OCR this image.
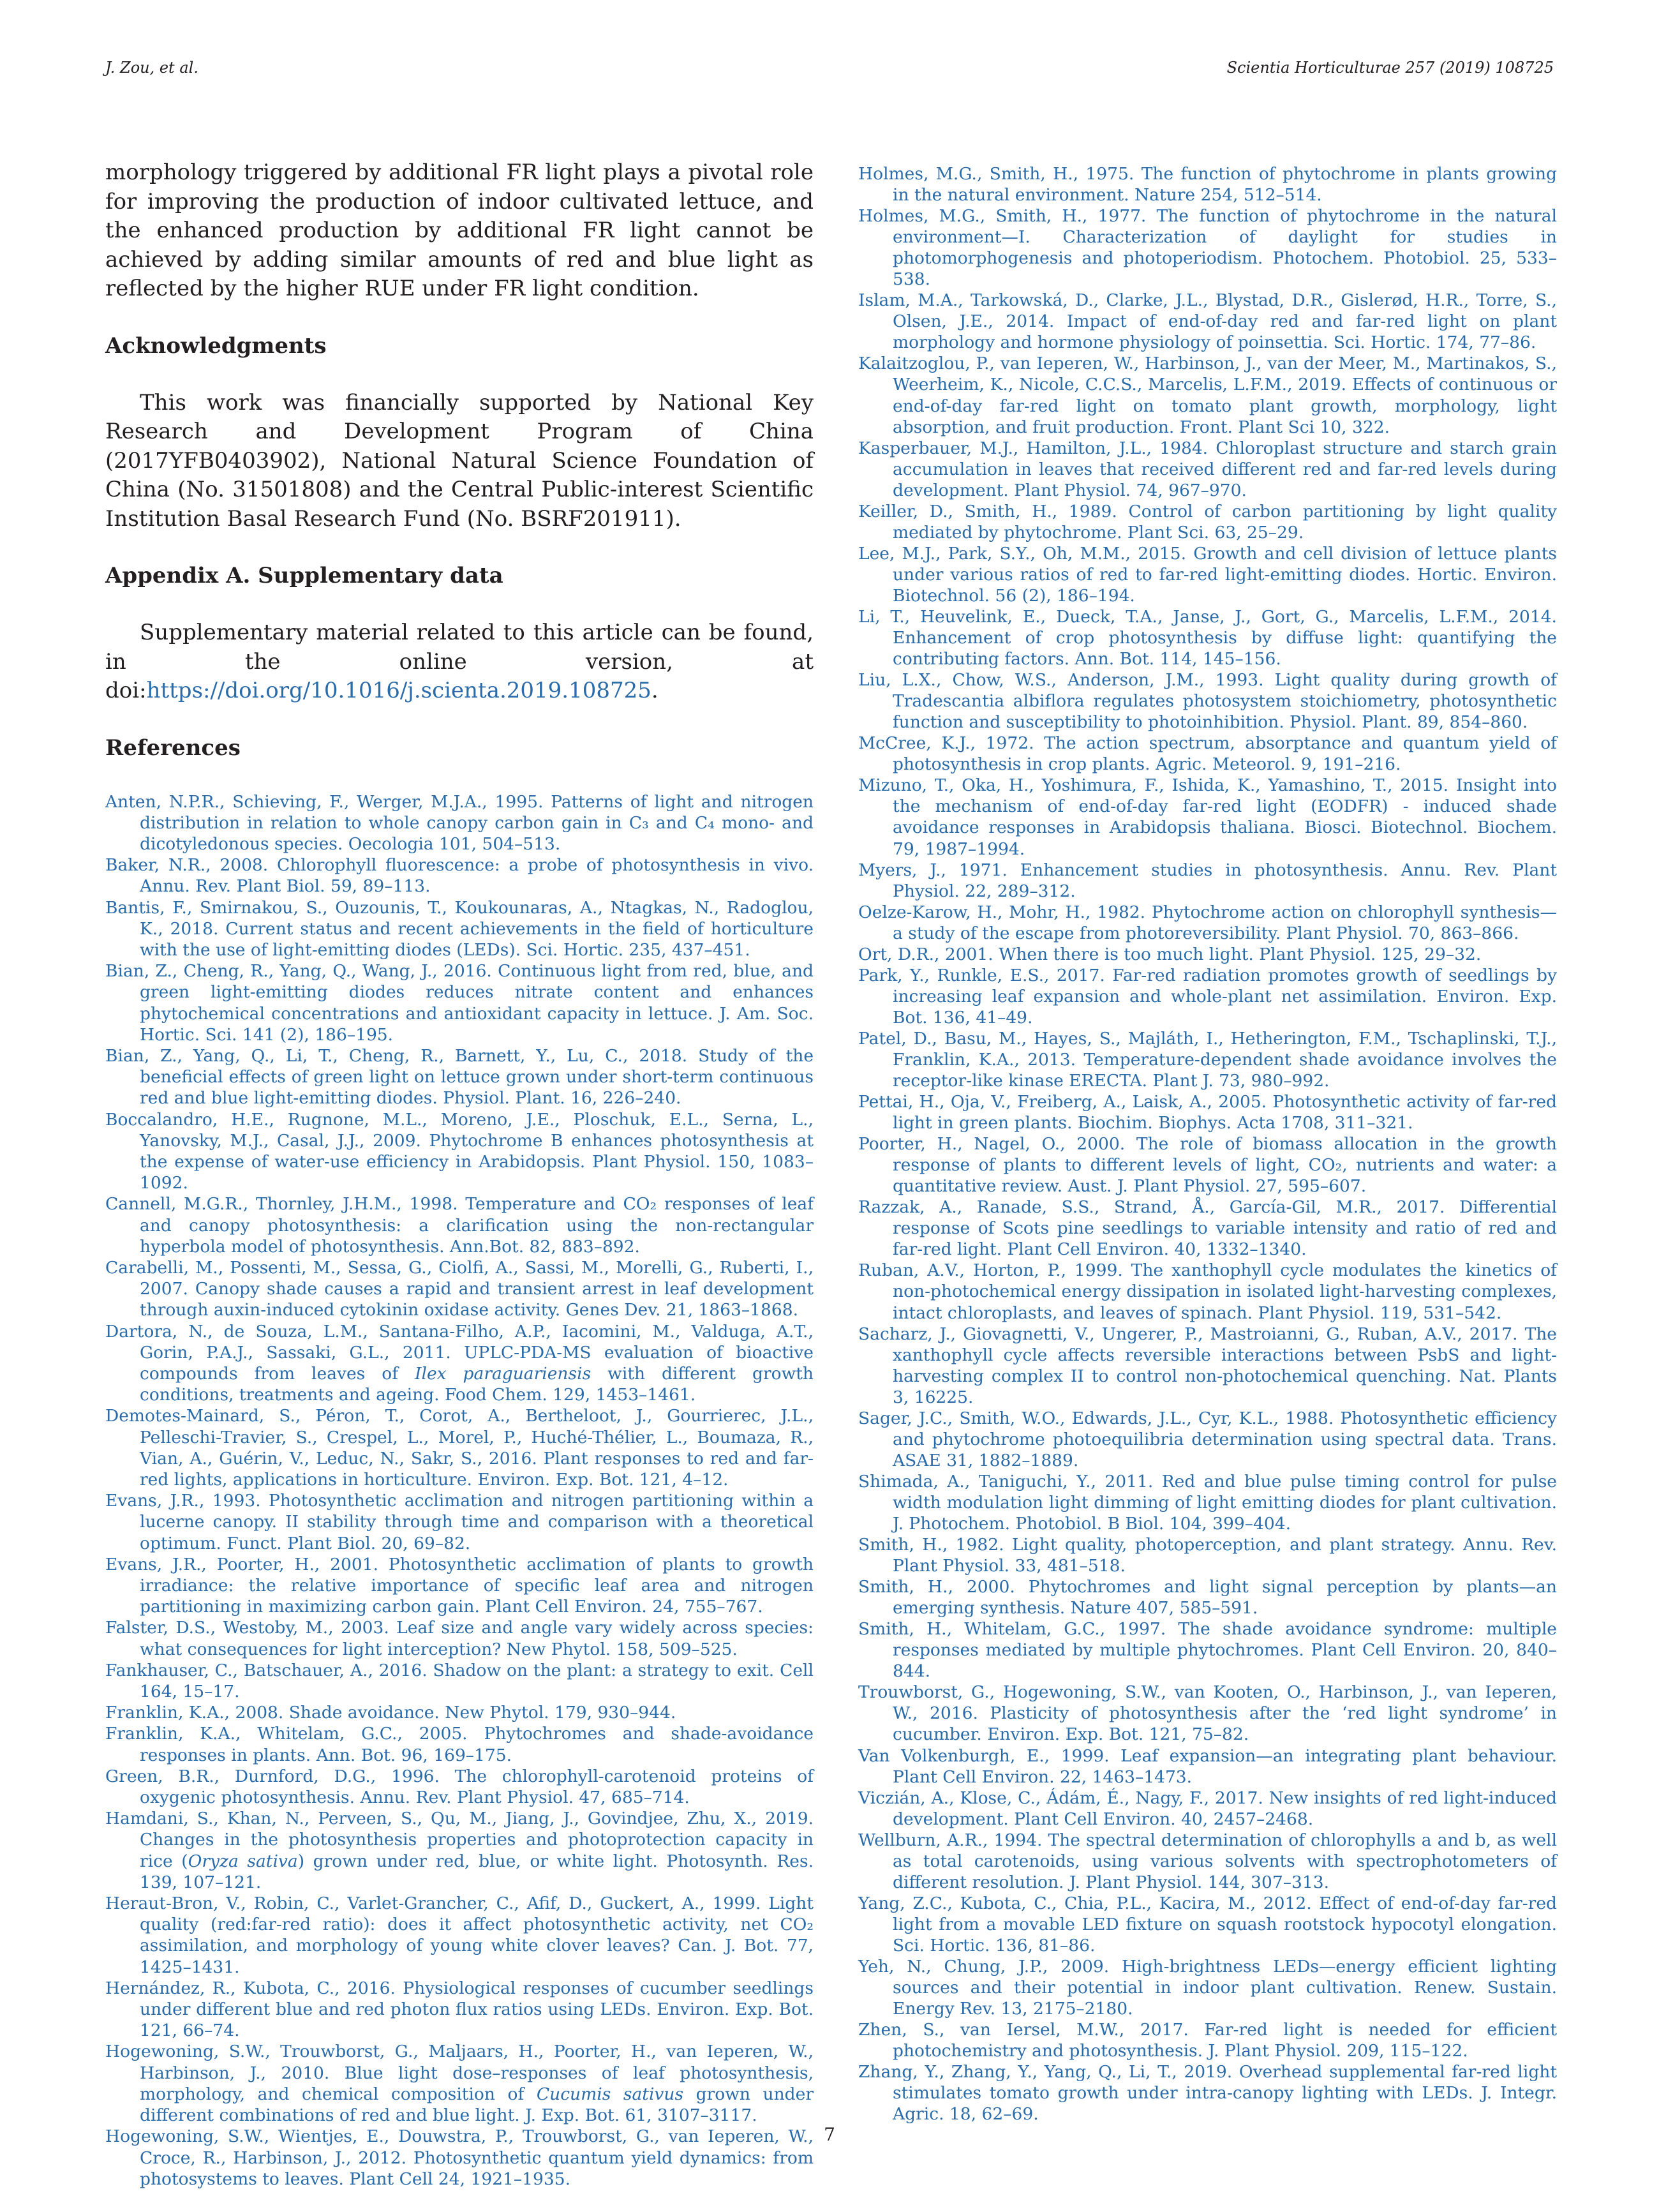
J. Zou, et al.	Scientia Horticulturae 257 (2019) 108725

morphology triggered by additional FR light plays a pivotal role for improving the production of indoor cultivated lettuce, and the enhanced production by additional FR light cannot be achieved by adding similar amounts of red and blue light as reflected by the higher RUE under FR light condition.

Acknowledgments

This work was financially supported by National Key Research and Development Program of China (2017YFB0403902), National Natural Science Foundation of China (No. 31501808) and the Central Public-interest Scientific Institution Basal Research Fund (No. BSRF201911).

Appendix A. Supplementary data

Supplementary material related to this article can be found, in the online version, at doi:https://doi.org/10.1016/j.scienta.2019.108725.

References
Anten, N.P.R., Schieving, F., Werger, M.J.A., 1995. Patterns of light and nitrogen distribution in relation to whole canopy carbon gain in C₃ and C₄ mono- and dicotyledonous species. Oecologia 101, 504–513.
Baker, N.R., 2008. Chlorophyll fluorescence: a probe of photosynthesis in vivo. Annu. Rev. Plant Biol. 59, 89–113.
Bantis, F., Smirnakou, S., Ouzounis, T., Koukounaras, A., Ntagkas, N., Radoglou, K., 2018. Current status and recent achievements in the field of horticulture with the use of light-emitting diodes (LEDs). Sci. Hortic. 235, 437–451.
Bian, Z., Cheng, R., Yang, Q., Wang, J., 2016. Continuous light from red, blue, and green light-emitting diodes reduces nitrate content and enhances phytochemical concentrations and antioxidant capacity in lettuce. J. Am. Soc. Hortic. Sci. 141 (2), 186–195.
Bian, Z., Yang, Q., Li, T., Cheng, R., Barnett, Y., Lu, C., 2018. Study of the beneficial effects of green light on lettuce grown under short-term continuous red and blue light-emitting diodes. Physiol. Plant. 16, 226–240.
Boccalandro, H.E., Rugnone, M.L., Moreno, J.E., Ploschuk, E.L., Serna, L., Yanovsky, M.J., Casal, J.J., 2009. Phytochrome B enhances photosynthesis at the expense of water-use efficiency in Arabidopsis. Plant Physiol. 150, 1083–1092.
Cannell, M.G.R., Thornley, J.H.M., 1998. Temperature and CO₂ responses of leaf and canopy photosynthesis: a clarification using the non-rectangular hyperbola model of photosynthesis. Ann.Bot. 82, 883–892.
Carabelli, M., Possenti, M., Sessa, G., Ciolfi, A., Sassi, M., Morelli, G., Ruberti, I., 2007. Canopy shade causes a rapid and transient arrest in leaf development through auxin-induced cytokinin oxidase activity. Genes Dev. 21, 1863–1868.
Dartora, N., de Souza, L.M., Santana-Filho, A.P., Iacomini, M., Valduga, A.T., Gorin, P.A.J., Sassaki, G.L., 2011. UPLC-PDA-MS evaluation of bioactive compounds from leaves of Ilex paraguariensis with different growth conditions, treatments and ageing. Food Chem. 129, 1453–1461.
Demotes-Mainard, S., Péron, T., Corot, A., Bertheloot, J., Gourrierec, J.L., Pelleschi-Travier, S., Crespel, L., Morel, P., Huché-Thélier, L., Boumaza, R., Vian, A., Guérin, V., Leduc, N., Sakr, S., 2016. Plant responses to red and far-red lights, applications in horticulture. Environ. Exp. Bot. 121, 4–12.
Evans, J.R., 1993. Photosynthetic acclimation and nitrogen partitioning within a lucerne canopy. II stability through time and comparison with a theoretical optimum. Funct. Plant Biol. 20, 69–82.
Evans, J.R., Poorter, H., 2001. Photosynthetic acclimation of plants to growth irradiance: the relative importance of specific leaf area and nitrogen partitioning in maximizing carbon gain. Plant Cell Environ. 24, 755–767.
Falster, D.S., Westoby, M., 2003. Leaf size and angle vary widely across species: what consequences for light interception? New Phytol. 158, 509–525.
Fankhauser, C., Batschauer, A., 2016. Shadow on the plant: a strategy to exit. Cell 164, 15–17.
Franklin, K.A., 2008. Shade avoidance. New Phytol. 179, 930–944.
Franklin, K.A., Whitelam, G.C., 2005. Phytochromes and shade-avoidance responses in plants. Ann. Bot. 96, 169–175.
Green, B.R., Durnford, D.G., 1996. The chlorophyll-carotenoid proteins of oxygenic photosynthesis. Annu. Rev. Plant Physiol. 47, 685–714.
Hamdani, S., Khan, N., Perveen, S., Qu, M., Jiang, J., Govindjee, Zhu, X., 2019. Changes in the photosynthesis properties and photoprotection capacity in rice (Oryza sativa) grown under red, blue, or white light. Photosynth. Res. 139, 107–121.
Heraut-Bron, V., Robin, C., Varlet-Grancher, C., Afif, D., Guckert, A., 1999. Light quality (red:far-red ratio): does it affect photosynthetic activity, net CO₂ assimilation, and morphology of young white clover leaves? Can. J. Bot. 77, 1425–1431.
Hernández, R., Kubota, C., 2016. Physiological responses of cucumber seedlings under different blue and red photon flux ratios using LEDs. Environ. Exp. Bot. 121, 66–74.
Hogewoning, S.W., Trouwborst, G., Maljaars, H., Poorter, H., van Ieperen, W., Harbinson, J., 2010. Blue light dose–responses of leaf photosynthesis, morphology, and chemical composition of Cucumis sativus grown under different combinations of red and blue light. J. Exp. Bot. 61, 3107–3117.
Hogewoning, S.W., Wientjes, E., Douwstra, P., Trouwborst, G., van Ieperen, W., Croce, R., Harbinson, J., 2012. Photosynthetic quantum yield dynamics: from photosystems to leaves. Plant Cell 24, 1921–1935.
Holmes, M.G., Smith, H., 1975. The function of phytochrome in plants growing in the natural environment. Nature 254, 512–514.
Holmes, M.G., Smith, H., 1977. The function of phytochrome in the natural environment—I. Characterization of daylight for studies in photomorphogenesis and photoperiodism. Photochem. Photobiol. 25, 533–538.
Islam, M.A., Tarkowská, D., Clarke, J.L., Blystad, D.R., Gislerød, H.R., Torre, S., Olsen, J.E., 2014. Impact of end-of-day red and far-red light on plant morphology and hormone physiology of poinsettia. Sci. Hortic. 174, 77–86.
Kalaitzoglou, P., van Ieperen, W., Harbinson, J., van der Meer, M., Martinakos, S., Weerheim, K., Nicole, C.C.S., Marcelis, L.F.M., 2019. Effects of continuous or end-of-day far-red light on tomato plant growth, morphology, light absorption, and fruit production. Front. Plant Sci 10, 322.
Kasperbauer, M.J., Hamilton, J.L., 1984. Chloroplast structure and starch grain accumulation in leaves that received different red and far-red levels during development. Plant Physiol. 74, 967–970.
Keiller, D., Smith, H., 1989. Control of carbon partitioning by light quality mediated by phytochrome. Plant Sci. 63, 25–29.
Lee, M.J., Park, S.Y., Oh, M.M., 2015. Growth and cell division of lettuce plants under various ratios of red to far-red light-emitting diodes. Hortic. Environ. Biotechnol. 56 (2), 186–194.
Li, T., Heuvelink, E., Dueck, T.A., Janse, J., Gort, G., Marcelis, L.F.M., 2014. Enhancement of crop photosynthesis by diffuse light: quantifying the contributing factors. Ann. Bot. 114, 145–156.
Liu, L.X., Chow, W.S., Anderson, J.M., 1993. Light quality during growth of Tradescantia albiflora regulates photosystem stoichiometry, photosynthetic function and susceptibility to photoinhibition. Physiol. Plant. 89, 854–860.
McCree, K.J., 1972. The action spectrum, absorptance and quantum yield of photosynthesis in crop plants. Agric. Meteorol. 9, 191–216.
Mizuno, T., Oka, H., Yoshimura, F., Ishida, K., Yamashino, T., 2015. Insight into the mechanism of end-of-day far-red light (EODFR) - induced shade avoidance responses in Arabidopsis thaliana. Biosci. Biotechnol. Biochem. 79, 1987–1994.
Myers, J., 1971. Enhancement studies in photosynthesis. Annu. Rev. Plant Physiol. 22, 289–312.
Oelze-Karow, H., Mohr, H., 1982. Phytochrome action on chlorophyll synthesis—a study of the escape from photoreversibility. Plant Physiol. 70, 863–866.
Ort, D.R., 2001. When there is too much light. Plant Physiol. 125, 29–32.
Park, Y., Runkle, E.S., 2017. Far-red radiation promotes growth of seedlings by increasing leaf expansion and whole-plant net assimilation. Environ. Exp. Bot. 136, 41–49.
Patel, D., Basu, M., Hayes, S., Majláth, I., Hetherington, F.M., Tschaplinski, T.J., Franklin, K.A., 2013. Temperature-dependent shade avoidance involves the receptor-like kinase ERECTA. Plant J. 73, 980–992.
Pettai, H., Oja, V., Freiberg, A., Laisk, A., 2005. Photosynthetic activity of far-red light in green plants. Biochim. Biophys. Acta 1708, 311–321.
Poorter, H., Nagel, O., 2000. The role of biomass allocation in the growth response of plants to different levels of light, CO₂, nutrients and water: a quantitative review. Aust. J. Plant Physiol. 27, 595–607.
Razzak, A., Ranade, S.S., Strand, Å., García-Gil, M.R., 2017. Differential response of Scots pine seedlings to variable intensity and ratio of red and far-red light. Plant Cell Environ. 40, 1332–1340.
Ruban, A.V., Horton, P., 1999. The xanthophyll cycle modulates the kinetics of non-photochemical energy dissipation in isolated light-harvesting complexes, intact chloroplasts, and leaves of spinach. Plant Physiol. 119, 531–542.
Sacharz, J., Giovagnetti, V., Ungerer, P., Mastroianni, G., Ruban, A.V., 2017. The xanthophyll cycle affects reversible interactions between PsbS and light-harvesting complex II to control non-photochemical quenching. Nat. Plants 3, 16225.
Sager, J.C., Smith, W.O., Edwards, J.L., Cyr, K.L., 1988. Photosynthetic efficiency and phytochrome photoequilibria determination using spectral data. Trans. ASAE 31, 1882–1889.
Shimada, A., Taniguchi, Y., 2011. Red and blue pulse timing control for pulse width modulation light dimming of light emitting diodes for plant cultivation. J. Photochem. Photobiol. B Biol. 104, 399–404.
Smith, H., 1982. Light quality, photoperception, and plant strategy. Annu. Rev. Plant Physiol. 33, 481–518.
Smith, H., 2000. Phytochromes and light signal perception by plants—an emerging synthesis. Nature 407, 585–591.
Smith, H., Whitelam, G.C., 1997. The shade avoidance syndrome: multiple responses mediated by multiple phytochromes. Plant Cell Environ. 20, 840–844.
Trouwborst, G., Hogewoning, S.W., van Kooten, O., Harbinson, J., van Ieperen, W., 2016. Plasticity of photosynthesis after the ‘red light syndrome’ in cucumber. Environ. Exp. Bot. 121, 75–82.
Van Volkenburgh, E., 1999. Leaf expansion—an integrating plant behaviour. Plant Cell Environ. 22, 1463–1473.
Viczián, A., Klose, C., Ádám, É., Nagy, F., 2017. New insights of red light-induced development. Plant Cell Environ. 40, 2457–2468.
Wellburn, A.R., 1994. The spectral determination of chlorophylls a and b, as well as total carotenoids, using various solvents with spectrophotometers of different resolution. J. Plant Physiol. 144, 307–313.
Yang, Z.C., Kubota, C., Chia, P.L., Kacira, M., 2012. Effect of end-of-day far-red light from a movable LED fixture on squash rootstock hypocotyl elongation. Sci. Hortic. 136, 81–86.
Yeh, N., Chung, J.P., 2009. High-brightness LEDs—energy efficient lighting sources and their potential in indoor plant cultivation. Renew. Sustain. Energy Rev. 13, 2175–2180.
Zhen, S., van Iersel, M.W., 2017. Far-red light is needed for efficient photochemistry and photosynthesis. J. Plant Physiol. 209, 115–122.
Zhang, Y., Zhang, Y., Yang, Q., Li, T., 2019. Overhead supplemental far-red light stimulates tomato growth under intra-canopy lighting with LEDs. J. Integr. Agric. 18, 62–69.
7
